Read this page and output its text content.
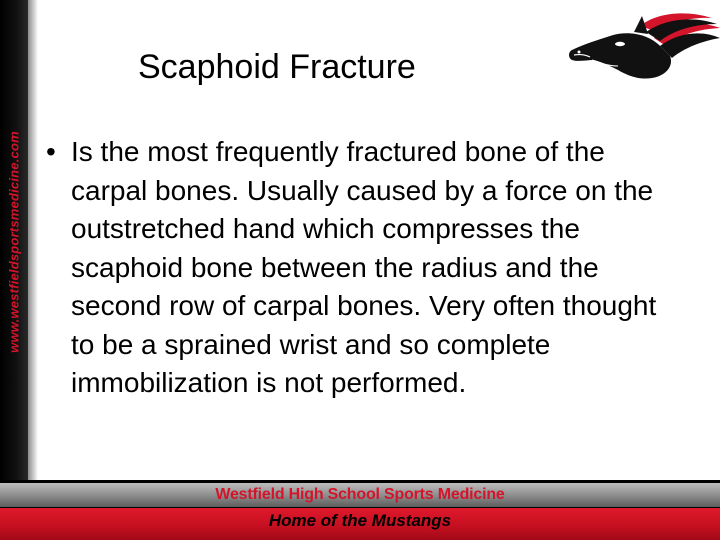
www.westfieldsportsmedicine.com
Scaphoid Fracture
• Is the most frequently fractured bone of the carpal bones. Usually caused by a force on the outstretched hand which compresses the scaphoid bone between the radius and the second row of carpal bones. Very often thought to be a sprained wrist and so complete immobilization is not performed.

Westfield High School Sports Medicine
Home of the Mustangs
